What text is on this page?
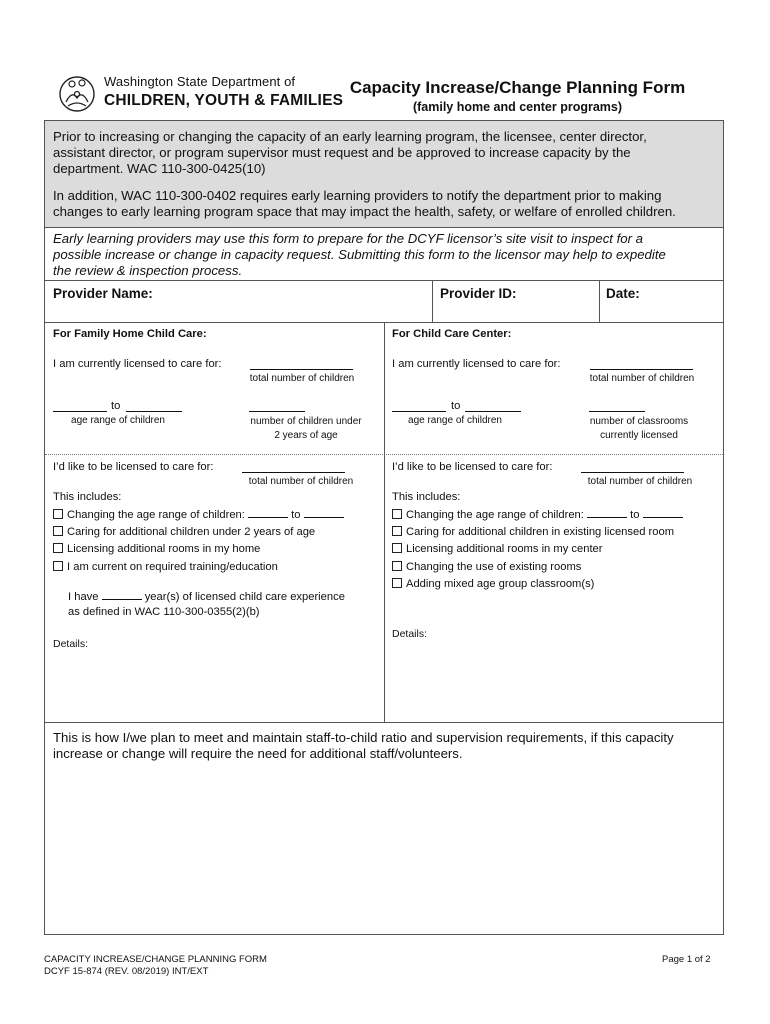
Washington State Department of
CHILDREN, YOUTH & FAMILIES
Capacity Increase/Change Planning Form
(family home and center programs)
Prior to increasing or changing the capacity of an early learning program, the licensee, center director,
assistant director, or program supervisor must request and be approved to increase capacity by the
department. WAC 110-300-0425(10)
In addition, WAC 110-300-0402 requires early learning providers to notify the department prior to making
changes to early learning program space that may impact the health, safety, or welfare of enrolled children.
Early learning providers may use this form to prepare for the DCYF licensor’s site visit to inspect for a
possible increase or change in capacity request. Submitting this form to the licensor may help to expedite
the review & inspection process.
Provider Name:	Provider ID:	Date:
For Family Home Child Care:
I am currently licensed to care for:
total number of children
to
age range of children	number of children under
2 years of age
I’d like to be licensed to care for:
total number of children
This includes:
Changing the age range of children:	to
Caring for additional children under 2 years of age
Licensing additional rooms in my home
I am current on required training/education
I have	year(s) of licensed child care experience
as defined in WAC 110-300-0355(2)(b)
Details:
For Child Care Center:
I am currently licensed to care for:
total number of children
to
age range of children	number of classrooms
currently licensed
I’d like to be licensed to care for:
total number of children
This includes:
Changing the age range of children:	to
Caring for additional children in existing licensed room
Licensing additional rooms in my center
Changing the use of existing rooms
Adding mixed age group classroom(s)
Details:
This is how I/we plan to meet and maintain staff-to-child ratio and supervision requirements, if this capacity
increase or change will require the need for additional staff/volunteers.
CAPACITY INCREASE/CHANGE PLANNING FORM
DCYF 15-874 (REV. 08/2019) INT/EXT
Page 1 of 2
